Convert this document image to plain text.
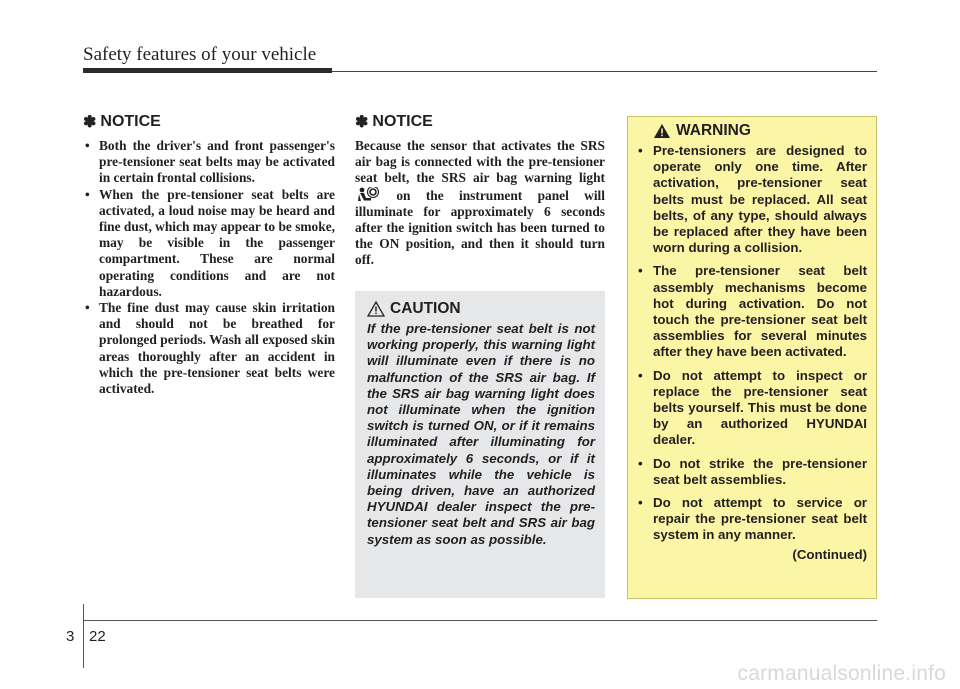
Safety features of your vehicle
✽ NOTICE
• Both the driver's and front passenger's pre-tensioner seat belts may be activated in certain frontal collisions.
• When the pre-tensioner seat belts are activated, a loud noise may be heard and fine dust, which may appear to be smoke, may be visible in the passenger compartment. These are normal operating conditions and are not hazardous.
• The fine dust may cause skin irritation and should not be breathed for prolonged periods. Wash all exposed skin areas thoroughly after an accident in which the pre-tensioner seat belts were activated.
✽ NOTICE

Because the sensor that activates the SRS air bag is connected with the pre-tensioner seat belt, the SRS air bag warning light  on the instrument panel will illuminate for approximately 6 seconds after the ignition switch has been turned to the ON position, and then it should turn off.

CAUTION

If the pre-tensioner seat belt is not working properly, this warning light will illuminate even if there is no malfunction of the SRS air bag. If the SRS air bag warning light does not illuminate when the ignition switch is turned ON, or if it remains illuminated after illuminating for approximately 6 seconds, or if it illuminates while the vehicle is being driven, have an authorized HYUNDAI dealer inspect the pre-tensioner seat belt and SRS air bag system as soon as possible.

WARNING
• Pre-tensioners are designed to operate only one time. After activation, pre-tensioner seat belts must be replaced. All seat belts, of any type, should always be replaced after they have been worn during a collision.
• The pre-tensioner seat belt assembly mechanisms become hot during activation. Do not touch the pre-tensioner seat belt assemblies for several minutes after they have been activated.
• Do not attempt to inspect or replace the pre-tensioner seat belts yourself. This must be done by an authorized HYUNDAI dealer.
• Do not strike the pre-tensioner seat belt assemblies.
• Do not attempt to service or repair the pre-tensioner seat belt system in any manner.
(Continued)
3 22
carmanualsonline.info
